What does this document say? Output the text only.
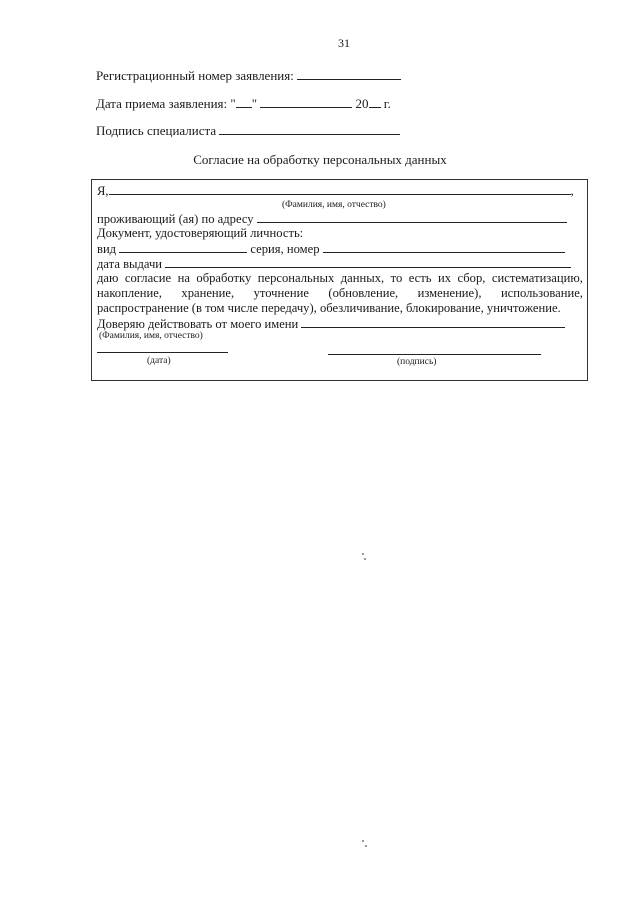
31
Регистрационный номер заявления:
Дата приема заявления: " "	20 г.
Подпись специалиста
Согласие на обработку персональных данных
Я,	,
(Фамилия, имя, отчество)
проживающий (ая) по адресу
Документ, удостоверяющий личность:
вид	серия, номер
дата выдачи
даю согласие на обработку персональных данных, то есть их сбор, систематизацию,
накопление, хранение, уточнение (обновление, изменение), использование,
распространение (в том числе передачу), обезличивание, блокирование, уничтожение.
Доверяю действовать от моего имени
(Фамилия, имя, отчество)
(дата)	(подпись)
